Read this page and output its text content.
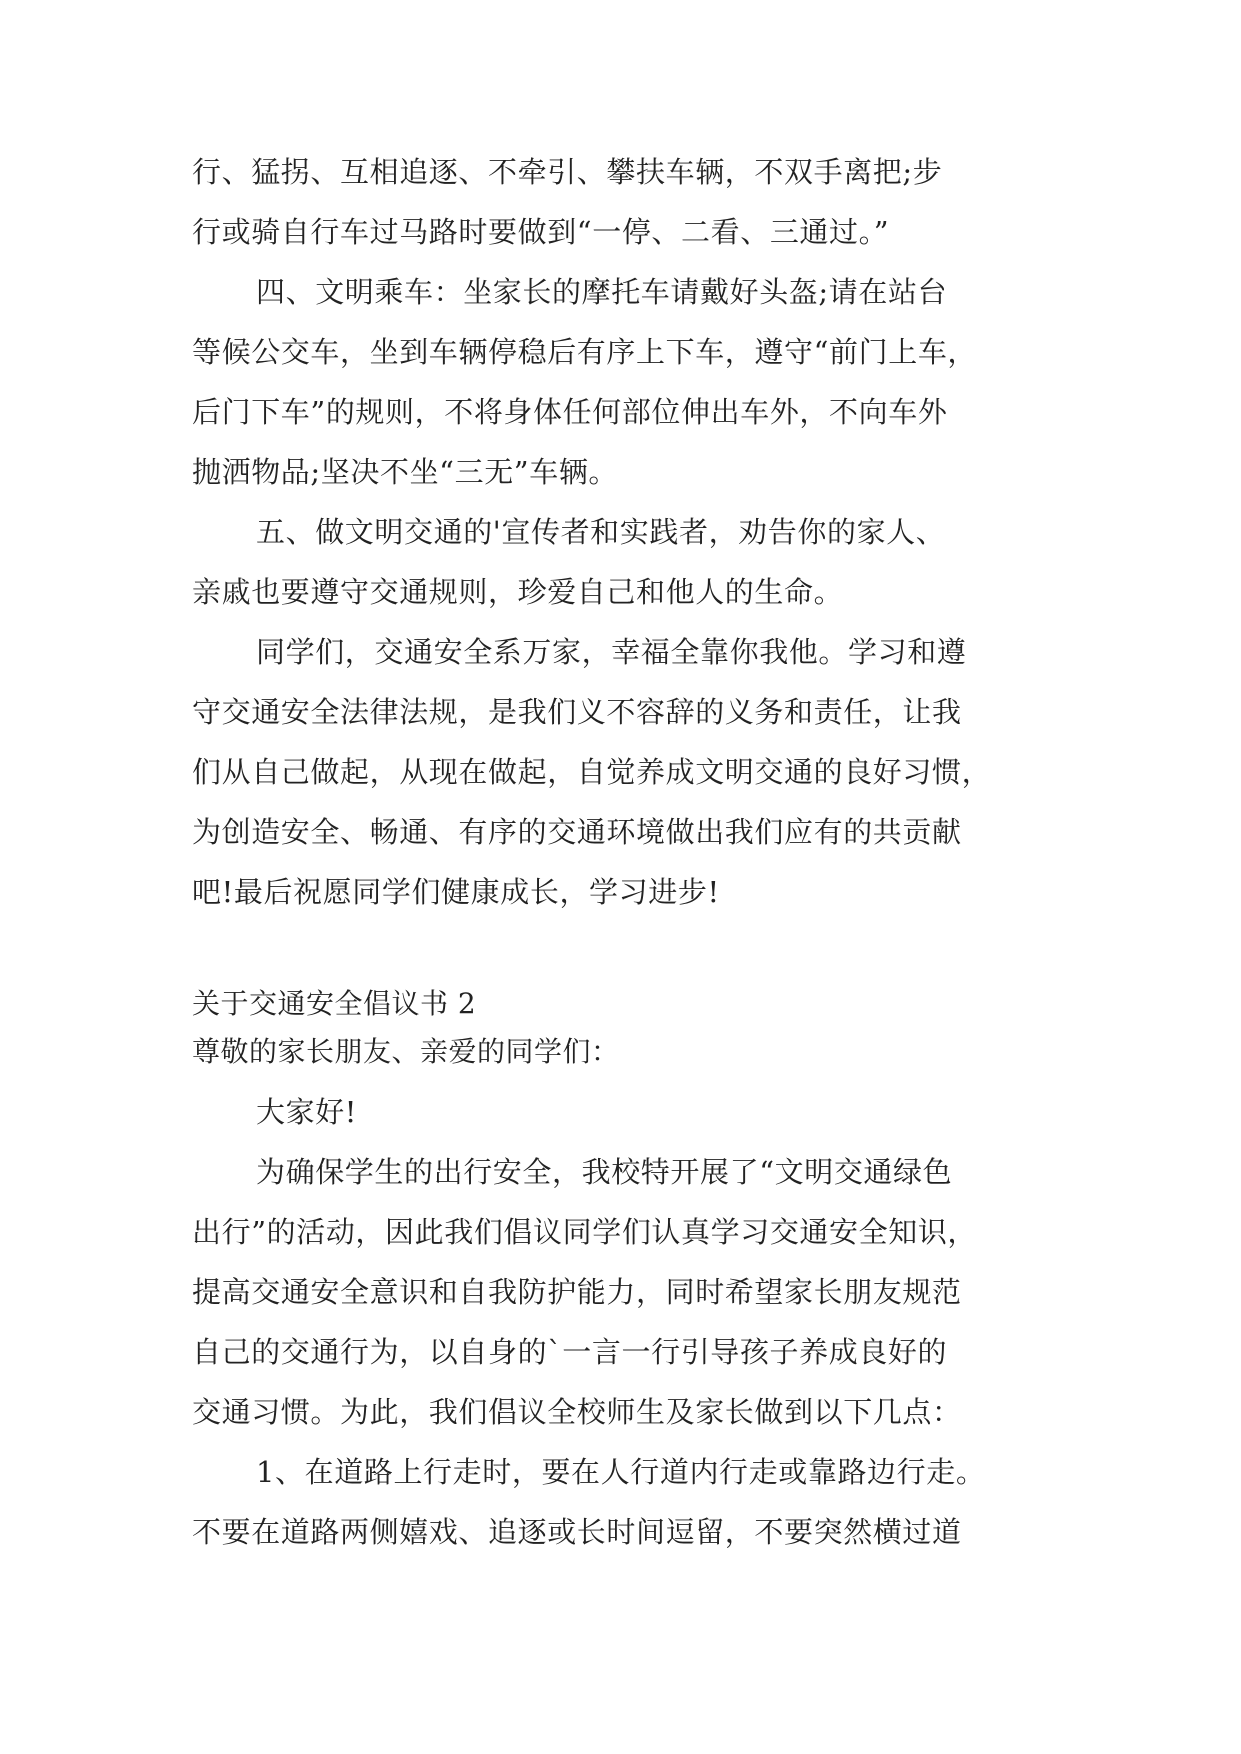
行、猛拐、互相追逐、不牵引、攀扶车辆，不双手离把;步
行或骑自行车过马路时要做到“一停、二看、三通过。”
四、文明乘车：坐家长的摩托车请戴好头盔;请在站台
等候公交车，坐到车辆停稳后有序上下车，遵守“前门上车，
后门下车”的规则，不将身体任何部位伸出车外，不向车外
抛洒物品;坚决不坐“三无”车辆。
五、做文明交通的'宣传者和实践者，劝告你的家人、
亲戚也要遵守交通规则，珍爱自己和他人的生命。
同学们，交通安全系万家，幸福全靠你我他。学习和遵
守交通安全法律法规，是我们义不容辞的义务和责任，让我
们从自己做起，从现在做起，自觉养成文明交通的良好习惯，
为创造安全、畅通、有序的交通环境做出我们应有的共贡献
吧!最后祝愿同学们健康成长，学习进步!
关于交通安全倡议书 2
尊敬的家长朋友、亲爱的同学们：
大家好!
为确保学生的出行安全，我校特开展了“文明交通绿色
出行”的活动，因此我们倡议同学们认真学习交通安全知识，
提高交通安全意识和自我防护能力，同时希望家长朋友规范
自己的交通行为，以自身的`一言一行引导孩子养成良好的
交通习惯。为此，我们倡议全校师生及家长做到以下几点：
1、在道路上行走时，要在人行道内行走或靠路边行走。
不要在道路两侧嬉戏、追逐或长时间逗留，不要突然横过道
